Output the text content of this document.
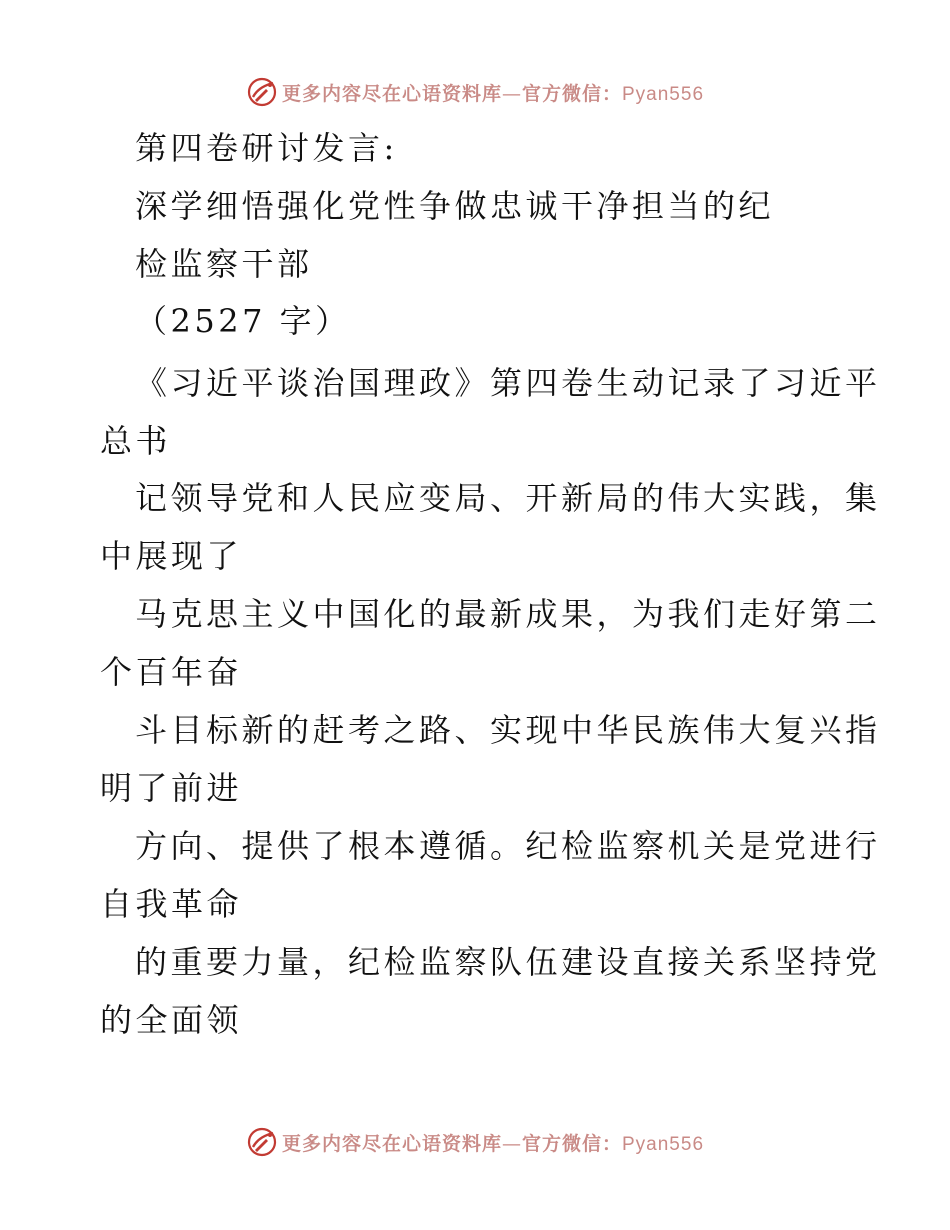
更多内容尽在心语资料库—官方微信：Pyan556
第四卷研讨发言:
深学细悟强化党性争做忠诚干净担当的纪
检监察干部
（2527 字）
《习近平谈治国理政》第四卷生动记录了习近平
总书
记领导党和人民应变局、开新局的伟大实践，集
中展现了
马克思主义中国化的最新成果，为我们走好第二
个百年奋
斗目标新的赶考之路、实现中华民族伟大复兴指
明了前进
方向、提供了根本遵循。纪检监察机关是党进行
自我革命
的重要力量，纪检监察队伍建设直接关系坚持党
的全面领
更多内容尽在心语资料库—官方微信：Pyan556
